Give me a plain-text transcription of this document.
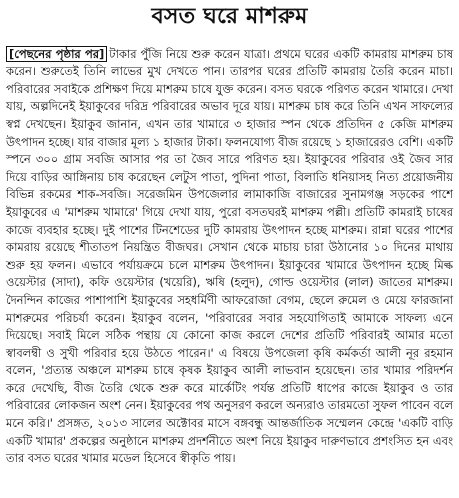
বসত ঘরে মাশরুম

[পেছনের পৃষ্ঠার পর] টাকার পুঁজি নিয়ে শুরু করেন যাত্রা। প্রথমে ঘরের একটি কামরায় মাশরুম চাষ করেন। শুরুতেই তিনি লাভের মুখ দেখতে পান। তারপর ঘরের প্রতিটি কামরায় তৈরি করেন মাচা। পরিবারের সবাইকে প্রশিক্ষণ দিয়ে মাশরুম চাষে যুক্ত করেন। বসত ঘরকে পরিণত করেন খামারে। দেখা যায়, অল্পদিনেই ইয়াকুবের দরিদ্র পরিবারের অভাব দূরে যায়। মাশরুম চাষ করে তিনি এখন সাফল্যের স্বপ্ন দেখছেন। ইয়াকুব জানান, এখন তার খামারে ৩ হাজার স্পন থেকে প্রতিদিন ৫ কেজি মাশরুম উৎপাদন হচ্ছে। যার বাজার মূল্য ১ হাজার টাকা। ফলনযোগ্য বীজ রয়েছে ১ হাজারেরও বেশি। একটি স্পনে ৩০০ গ্রাম সবজি আসার পর তা জৈব সারে পরিণত হয়। ইয়াকুবের পরিবার ওই জৈব সার দিয়ে বাড়ির আঙ্গিনায় চাষ করেছেন লেটুস পাতা, পুদিনা পাতা, বিলাতি ধনিয়াসহ নিত্য প্রয়োজনীয় বিভিন্ন রকমের শাক-সবজি। সরেজমিন উপজেলার লামাকাজি বাজারের সুনামগঞ্জ সড়কের পাশে ইয়াকুবের এ 'মাশরুম খামারে' গিয়ে দেখা যায়, পুরো বসতঘরই মাশরুম পল্লী। প্রতিটি কামরাই চাষের কাজে ব্যবহার হচ্ছে। দুই পাশের টিনশেডের দুটি কামরায় উৎপাদন হচ্ছে মাশরুম। রান্না ঘরের পাশের কামরায় রয়েছে শীতাতপ নিয়ন্ত্রিত বীজঘর। সেখান থেকে মাচায় চারা উঠানোর ১০ দিনের মাথায় শুরু হয় ফলন। এভাবে পর্যায়ক্রমে চলে মাশরুম উৎপাদন। ইয়াকুবের খামারে উৎপাদন হচ্ছে মিল্ক ওয়েস্টার (সাদা), কফি ওয়েস্টার (খয়েরি), ঋষি (হলুদ), গোল্ড ওয়েস্টার (লাল) জাতের মাশরুম। দৈনন্দিন কাজের পাশাপাশি ইয়াকুবের সহধর্মিণী আফরোজা বেগম, ছেলে রুমেল ও মেয়ে ফারজানা মাশরুমের পরিচর্যা করেন। ইয়াকুব বলেন, 'পরিবারের সবার সহযোগিতাই আমাকে সাফল্য এনে দিয়েছে। সবাই মিলে সঠিক পন্থায় যে কোনো কাজ করলে দেশের প্রতিটি পরিবারই আমার মতো স্বাবলম্বী ও সুখী পরিবার হয়ে উঠতে পারেন।' এ বিষয়ে উপজেলা কৃষি কর্মকর্তা আলী নূর রহমান বলেন, 'প্রত্যন্ত অঞ্চলে মাশরুম চাষে কৃষক ইয়াকুব আলী লাভবান হয়েছেন। তার খামার পরিদর্শন করে দেখেছি, বীজ তৈরি থেকে শুরু করে মার্কেটিং পর্যন্ত প্রতিটি ধাপের কাজে ইয়াকুব ও তার পরিবারের লোকজন অংশ নেন। ইয়াকুবের পথ অনুসরণ করলে অন্যরাও তারমতো সুফল পাবেন বলে মনে করি।' প্রসঙ্গত, ২০১৩ সালের অক্টোবর মাসে বঙ্গবন্ধু আন্তর্জাতিক সম্মেলন কেন্দ্রে 'একটি বাড়ি একটি খামার' প্রকল্পের অনুষ্ঠানে মাশরুম প্রদর্শনীতে অংশ নিয়ে ইয়াকুব দারুণভাবে প্রশংসিত হন এবং তার বসত ঘরের খামার মডেল হিসেবে স্বীকৃতি পায়।
